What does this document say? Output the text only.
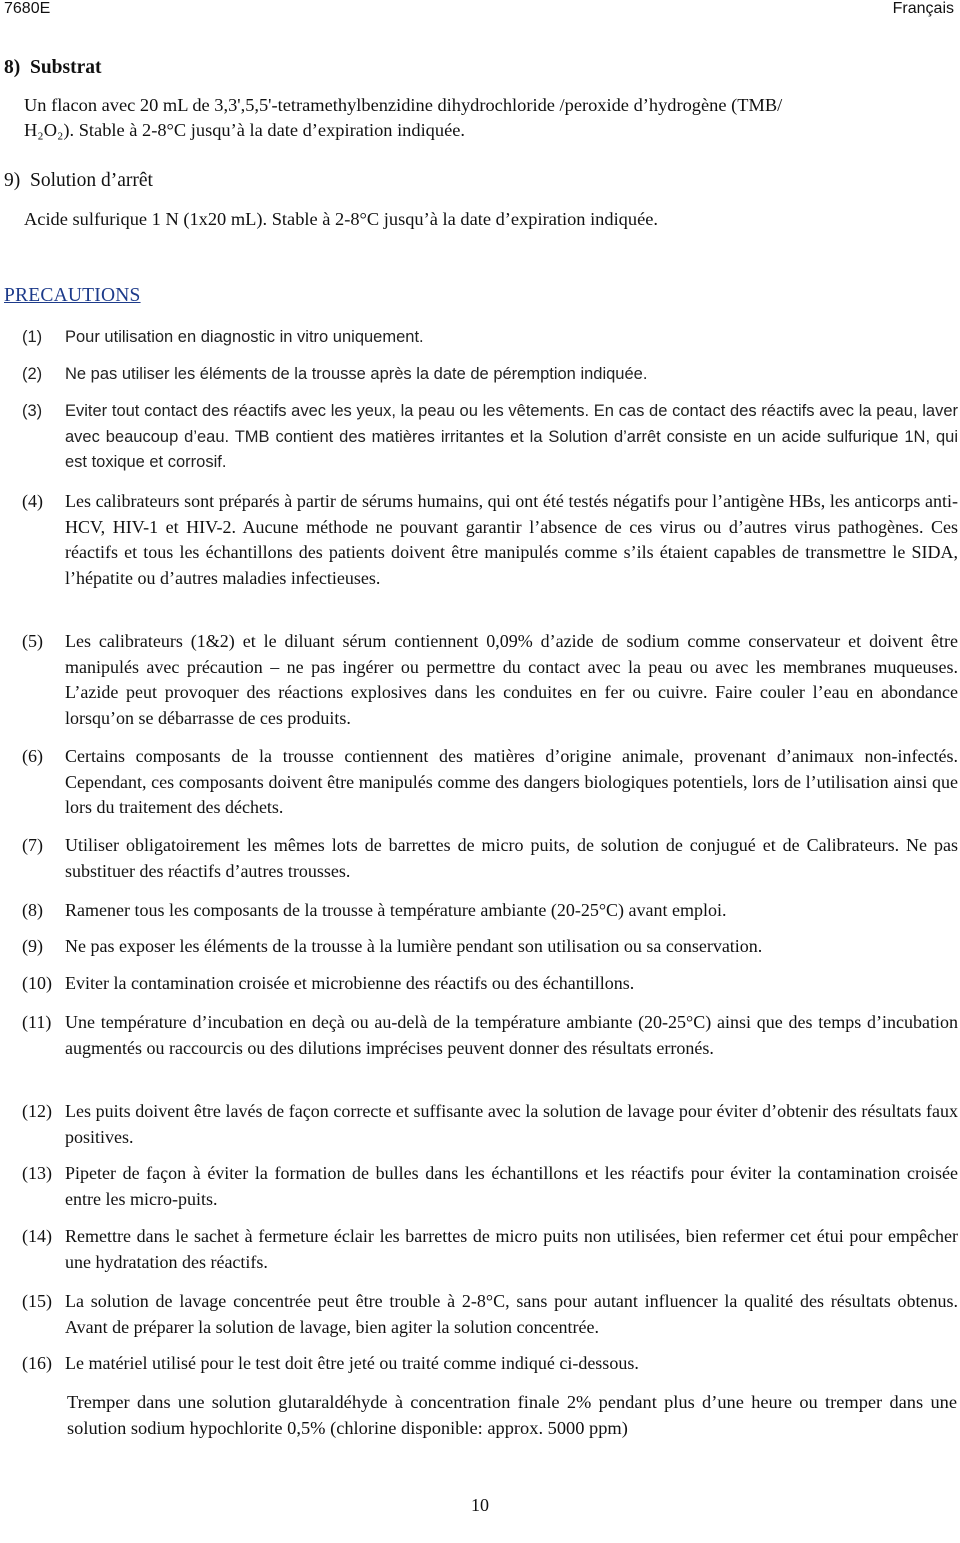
7680E	Français
8)  Substrat
Un flacon avec 20 mL de 3,3',5,5'-tetramethylbenzidine dihydrochloride /peroxide d’hydrogène (TMB/
H₂O₂). Stable à 2-8°C jusqu’à la date d’expiration indiquée.
9)  Solution d’arrêt
Acide sulfurique 1 N (1x20 mL). Stable à 2-8°C jusqu’à la date d’expiration indiquée.
PRECAUTIONS
(1) Pour utilisation en diagnostic in vitro uniquement.
(2) Ne pas utiliser les éléments de la trousse après la date de péremption indiquée.
(3) Eviter tout contact des réactifs avec les yeux, la peau ou les vêtements. En cas de contact des réactifs avec la peau, laver avec beaucoup d’eau. TMB contient des matières irritantes et la Solution d’arrêt consiste en un acide sulfurique 1N, qui est toxique et corrosif.
(4) Les calibrateurs sont préparés à partir de sérums humains, qui ont été testés négatifs pour l’antigène HBs, les anticorps anti-HCV, HIV-1 et HIV-2. Aucune méthode ne pouvant garantir l’absence de ces virus ou d’autres virus pathogènes. Ces réactifs et tous les échantillons des patients doivent être manipulés comme s’ils étaient capables de transmettre le SIDA, l’hépatite ou d’autres maladies infectieuses.
(5) Les calibrateurs (1&2) et le diluant sérum contiennent 0,09% d’azide de sodium comme conservateur et doivent être manipulés avec précaution – ne pas ingérer ou permettre du contact avec la peau ou avec les membranes muqueuses. L’azide peut provoquer des réactions explosives dans les conduites en fer ou cuivre. Faire couler l’eau en abondance lorsqu’on se débarrasse de ces produits.
(6) Certains composants de la trousse contiennent des matières d’origine animale, provenant d’animaux non-infectés. Cependant, ces composants doivent être manipulés comme des dangers biologiques potentiels, lors de l’utilisation ainsi que lors du traitement des déchets.
(7) Utiliser obligatoirement les mêmes lots de barrettes de micro puits, de solution de conjugué et de Calibrateurs. Ne pas substituer des réactifs d’autres trousses.
(8) Ramener tous les composants de la trousse à température ambiante (20-25°C) avant emploi.
(9) Ne pas exposer les éléments de la trousse à la lumière pendant son utilisation ou sa conservation.
(10) Eviter la contamination croisée et microbienne des réactifs ou des échantillons.
(11) Une température d’incubation en deçà ou au-delà de la température ambiante (20-25°C) ainsi que des temps d’incubation augmentés ou raccourcis ou des dilutions imprécises peuvent donner des résultats erronés.
(12) Les puits doivent être lavés de façon correcte et suffisante avec la solution de lavage pour éviter d’obtenir des résultats faux positives.
(13) Pipeter de façon à éviter la formation de bulles dans les échantillons et les réactifs pour éviter la contamination croisée entre les micro-puits.
(14) Remettre dans le sachet à fermeture éclair les barrettes de micro puits non utilisées, bien refermer cet étui pour empêcher une hydratation des réactifs.
(15) La solution de lavage concentrée peut être trouble à 2-8°C, sans pour autant influencer la qualité des résultats obtenus. Avant de préparer la solution de lavage, bien agiter la solution concentrée.
(16) Le matériel utilisé pour le test doit être jeté ou traité comme indiqué ci-dessous.
Tremper dans une solution glutaraldéhyde à concentration finale 2% pendant plus d’une heure ou tremper dans une solution sodium hypochlorite 0,5% (chlorine disponible: approx. 5000 ppm)
10
